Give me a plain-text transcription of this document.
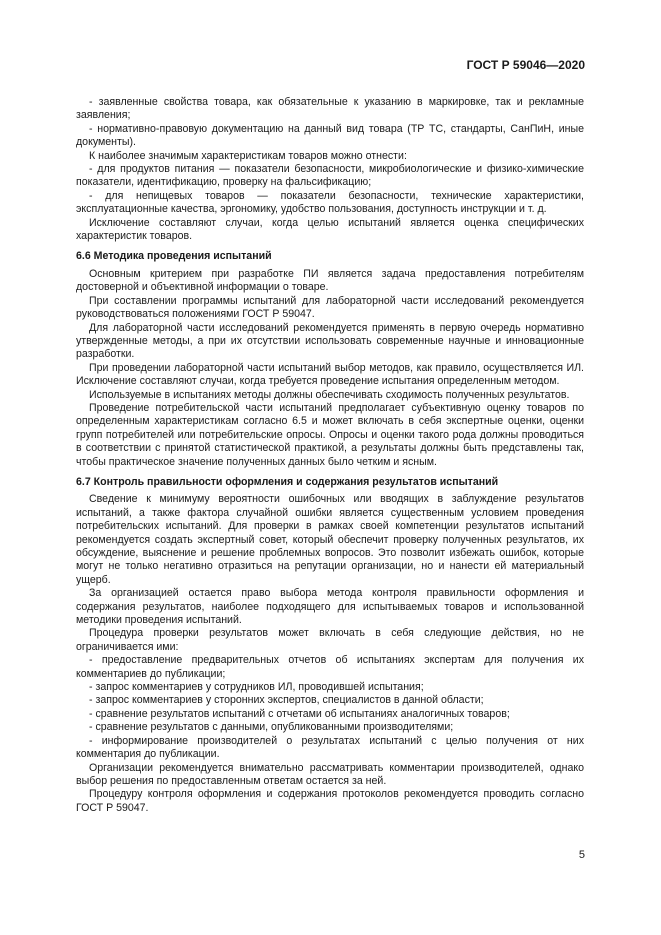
ГОСТ Р 59046—2020

- заявленные свойства товара, как обязательные к указанию в маркировке, так и рекламные заявления;

- нормативно-правовую документацию на данный вид товара (ТР ТС, стандарты, СанПиН, иные документы).

К наиболее значимым характеристикам товаров можно отнести:

- для продуктов питания — показатели безопасности, микробиологические и физико-химические показатели, идентификацию, проверку на фальсификацию;

- для непищевых товаров — показатели безопасности, технические характеристики, эксплуатационные качества, эргономику, удобство пользования, доступность инструкции и т. д.

Исключение составляют случаи, когда целью испытаний является оценка специфических характеристик товаров.

6.6 Методика проведения испытаний

Основным критерием при разработке ПИ является задача предоставления потребителям достоверной и объективной информации о товаре.

При составлении программы испытаний для лабораторной части исследований рекомендуется руководствоваться положениями ГОСТ Р 59047.

Для лабораторной части исследований рекомендуется применять в первую очередь нормативно утвержденные методы, а при их отсутствии использовать современные научные и инновационные разработки.

При проведении лабораторной части испытаний выбор методов, как правило, осуществляется ИЛ. Исключение составляют случаи, когда требуется проведение испытания определенным методом.

Используемые в испытаниях методы должны обеспечивать сходимость полученных результатов.

Проведение потребительской части испытаний предполагает субъективную оценку товаров по определенным характеристикам согласно 6.5 и может включать в себя экспертные оценки, оценки групп потребителей или потребительские опросы. Опросы и оценки такого рода должны проводиться в соответствии с принятой статистической практикой, а результаты должны быть представлены так, чтобы практическое значение полученных данных было четким и ясным.

6.7 Контроль правильности оформления и содержания результатов испытаний

Сведение к минимуму вероятности ошибочных или вводящих в заблуждение результатов испытаний, а также фактора случайной ошибки является существенным условием проведения потребительских испытаний. Для проверки в рамках своей компетенции результатов испытаний рекомендуется создать экспертный совет, который обеспечит проверку полученных результатов, их обсуждение, выяснение и решение проблемных вопросов. Это позволит избежать ошибок, которые могут не только негативно отразиться на репутации организации, но и нанести ей материальный ущерб.

За организацией остается право выбора метода контроля правильности оформления и содержания результатов, наиболее подходящего для испытываемых товаров и использованной методики проведения испытаний.

Процедура проверки результатов может включать в себя следующие действия, но не ограничивается ими:

- предоставление предварительных отчетов об испытаниях экспертам для получения их комментариев до публикации;

- запрос комментариев у сотрудников ИЛ, проводившей испытания;

- запрос комментариев у сторонних экспертов, специалистов в данной области;

- сравнение результатов испытаний с отчетами об испытаниях аналогичных товаров;

- сравнение результатов с данными, опубликованными производителями;

- информирование производителей о результатах испытаний с целью получения от них комментария до публикации.

Организации рекомендуется внимательно рассматривать комментарии производителей, однако выбор решения по предоставленным ответам остается за ней.

Процедуру контроля оформления и содержания протоколов рекомендуется проводить согласно ГОСТ Р 59047.

5
